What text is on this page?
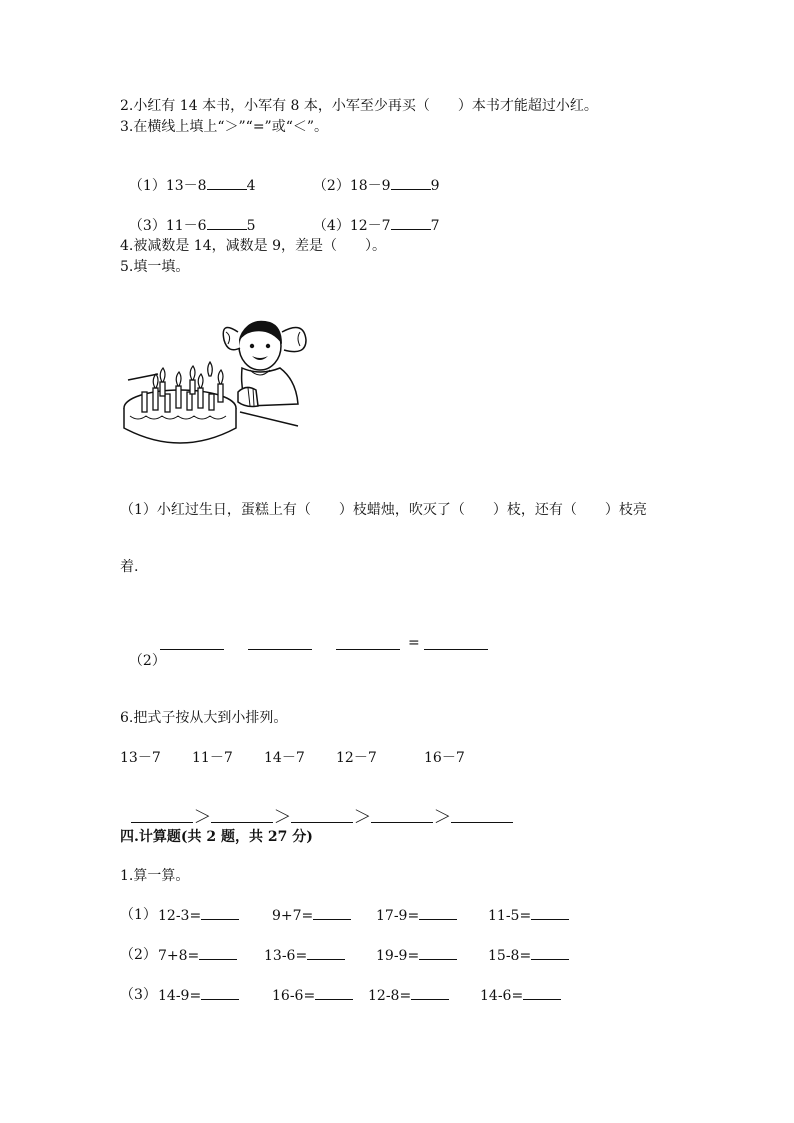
2.小红有 14 本书，小军有 8 本，小军至少再买（　　）本书才能超过小红。
3.在横线上填上“＞”“=”或“＜”。

（1）13－8	4	（2）18－9	9

（3）11－6	5	（4）12－7	7

4.被减数是 14，减数是 9，差是（　　）。
5.填一填。
（1）小红过生日，蛋糕上有（　　）枝蜡烛，吹灭了（　　）枝，还有（　　）枝亮
着.

（2）

=
6.把式子按从大到小排列。
13－7 11－7 14－7 12－7	16－7

＞	＞	＞	＞

四.计算题(共 2 题，共 27 分)
1.算一算。
（1） 12-3=	9+7=	17-9=	11-5=
（2） 7+8=	13-6=	19-9=	15-8=
（3） 14-9=	16-6=	12-8=	14-6=
